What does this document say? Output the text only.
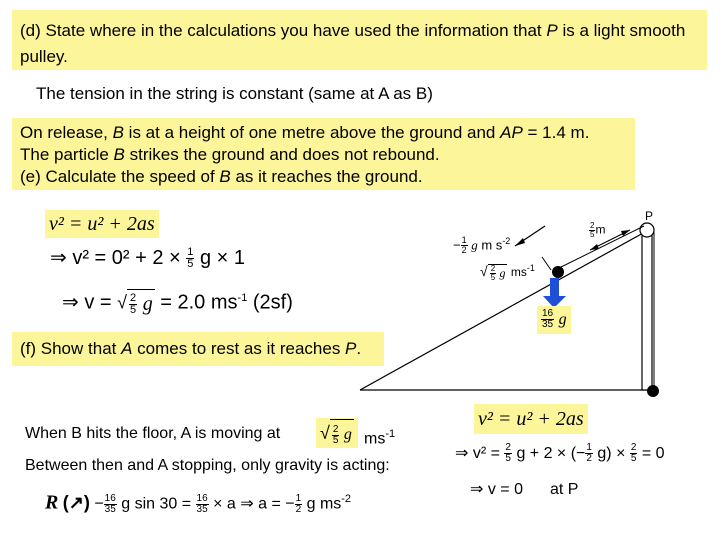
(d) State where in the calculations you have used the information that P is a light smooth pulley.
The tension in the string is constant (same at A as B)
On release, B is at a height of one metre above the ground and AP = 1.4 m.
The particle B strikes the ground and does not rebound.
(e) Calculate the speed of B as it reaches the ground.
v² = u² + 2as
⇒ $v^2 = 0^2 + 2 \times \frac{1}{5}$ g × 1
⇒ v = √ $\frac{2}{5}$ g = 2.0 $ms^{-1}$ (2sf)
P
− $\frac{1}{2}$ g m $s^{-2}$
$\frac{2}{5}$ m
√ $\frac{2}{5}$ g $ms^{-1}$
$\frac{16}{35}$ g
(f) Show that A comes to rest as it reaches P.
When B hits the floor, A is moving at √ $\frac{2}{5}$ g $ms^{-1}$
Between then and A stopping, only gravity is acting:
R (↗) − $\frac{16}{35}$ g $\sin 30 = \frac{16}{35} \times a$ ⇒ a = − $\frac{1}{2}$ g $ms^{-2}$
v² = u² + 2as
⇒ $v^2 = \frac{2}{5}$ g + 2 × (− $\frac{1}{2} g) \times \frac{2}{5} = 0$
⇒ v = 0 at P
